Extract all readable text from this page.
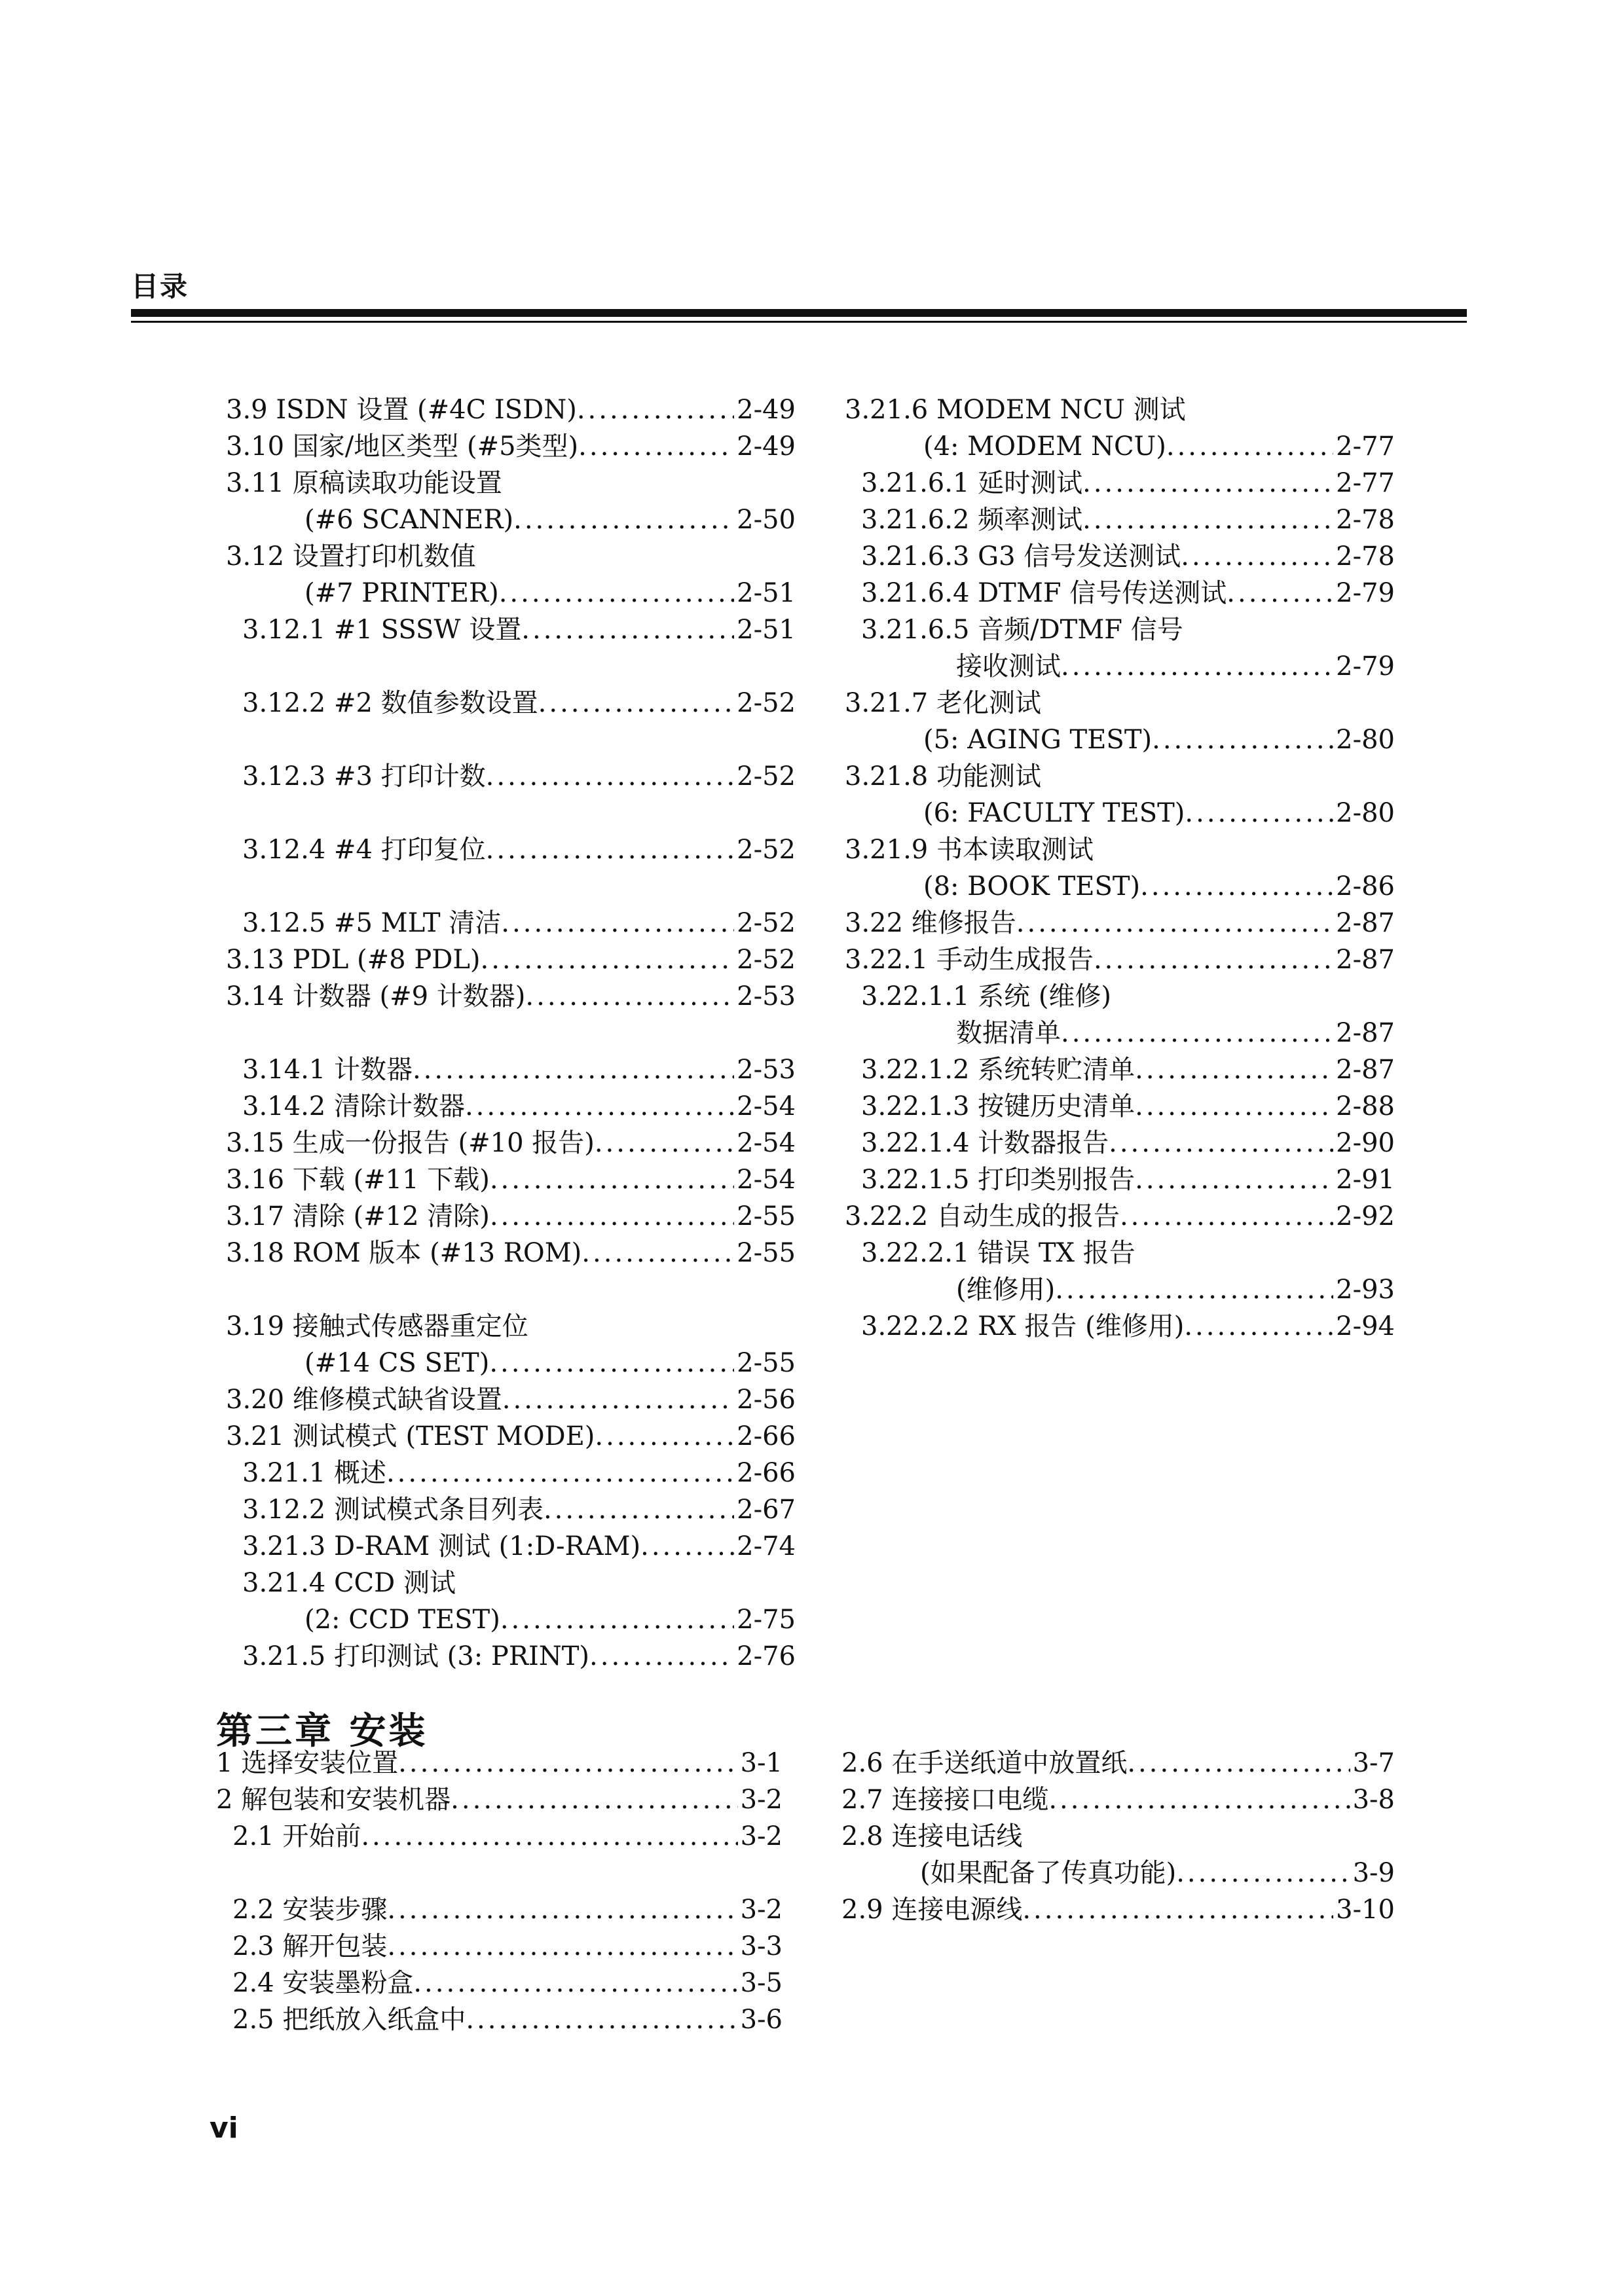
目录
3.9 ISDN 设置 (#4C ISDN) .....	2-49
3.10 国家/地区类型 (#5类型) .....	2-49
3.11 原稿读取功能设置
(#6 SCANNER) .....	2-50
3.12 设置打印机数值
(#7 PRINTER) .....	2-51
3.12.1 #1 SSSW 设置 .....	2-51
3.12.2 #2 数值参数设置 .....	2-52
3.12.3 #3 打印计数 .....	2-52
3.12.4 #4 打印复位 .....	2-52
3.12.5 #5 MLT 清洁 .....	2-52
3.13 PDL (#8 PDL) .....	2-52
3.14 计数器 (#9 计数器) .....	2-53
3.14.1 计数器 .....	2-53
3.14.2 清除计数器 .....	2-54
3.15 生成一份报告 (#10 报告) .....	2-54
3.16 下载 (#11 下载) .....	2-54
3.17 清除 (#12 清除) .....	2-55
3.18 ROM 版本 (#13 ROM) .....	2-55
3.19 接触式传感器重定位
(#14 CS SET) .....	2-55
3.20 维修模式缺省设置 .....	2-56
3.21 测试模式 (TEST MODE) .....	2-66
3.21.1 概述 .....	2-66
3.12.2 测试模式条目列表 .....	2-67
3.21.3 D-RAM 测试 (1:D-RAM) .....	2-74
3.21.4 CCD 测试
(2: CCD TEST) .....	2-75
3.21.5 打印测试 (3: PRINT) .....	2-76
3.21.6 MODEM NCU 测试
(4: MODEM NCU) .....	2-77
3.21.6.1 延时测试 .....	2-77
3.21.6.2 频率测试 .....	2-78
3.21.6.3 G3 信号发送测试 .....	2-78
3.21.6.4 DTMF 信号传送测试 .....	2-79
3.21.6.5 音频/DTMF 信号
接收测试 .....	2-79
3.21.7 老化测试
(5: AGING TEST) .....	2-80
3.21.8 功能测试
(6: FACULTY TEST) .....	2-80
3.21.9 书本读取测试
(8: BOOK TEST) .....	2-86
3.22 维修报告 .....	2-87
3.22.1 手动生成报告 .....	2-87
3.22.1.1 系统 (维修)
数据清单 .....	2-87
3.22.1.2 系统转贮清单 .....	2-87
3.22.1.3 按键历史清单 .....	2-88
3.22.1.4 计数器报告 .....	2-90
3.22.1.5 打印类别报告 .....	2-91
3.22.2 自动生成的报告 .....	2-92
3.22.2.1 错误 TX 报告
(维修用) .....	2-93
3.22.2.2 RX 报告 (维修用) .....	2-94
第三章 安装
1 选择安装位置 .....	3-1
2 解包装和安装机器 .....	3-2
2.1 开始前 .....	3-2
2.2 安装步骤 .....	3-2
2.3 解开包装 .....	3-3
2.4 安装墨粉盒 .....	3-5
2.5 把纸放入纸盒中 .....	3-6
2.6 在手送纸道中放置纸 .....	3-7
2.7 连接接口电缆 .....	3-8
2.8 连接电话线
(如果配备了传真功能) .....	3-9
2.9 连接电源线 .....	3-10
vi
